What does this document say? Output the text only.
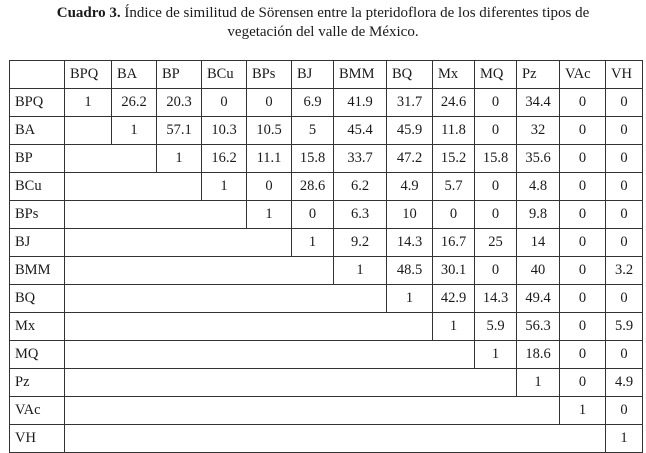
Cuadro 3. Índice de similitud de Sörensen entre la pteridoflora de los diferentes tipos de
vegetación del valle de México.
	BPQ	BA	BP	BCu	BPs	BJ	BMM	BQ	Mx	MQ	Pz	VAc	VH
BPQ	1	26.2	20.3	0	0	6.9	41.9	31.7	24.6	0	34.4	0	0
BA		1	57.1	10.3	10.5	5	45.4	45.9	11.8	0	32	0	0
BP			1	16.2	11.1	15.8	33.7	47.2	15.2	15.8	35.6	0	0
BCu				1	0	28.6	6.2	4.9	5.7	0	4.8	0	0
BPs					1	0	6.3	10	0	0	9.8	0	0
BJ						1	9.2	14.3	16.7	25	14	0	0
BMM							1	48.5	30.1	0	40	0	3.2
BQ								1	42.9	14.3	49.4	0	0
Mx									1	5.9	56.3	0	5.9
MQ										1	18.6	0	0
Pz											1	0	4.9
VAc												1	0
VH													1
